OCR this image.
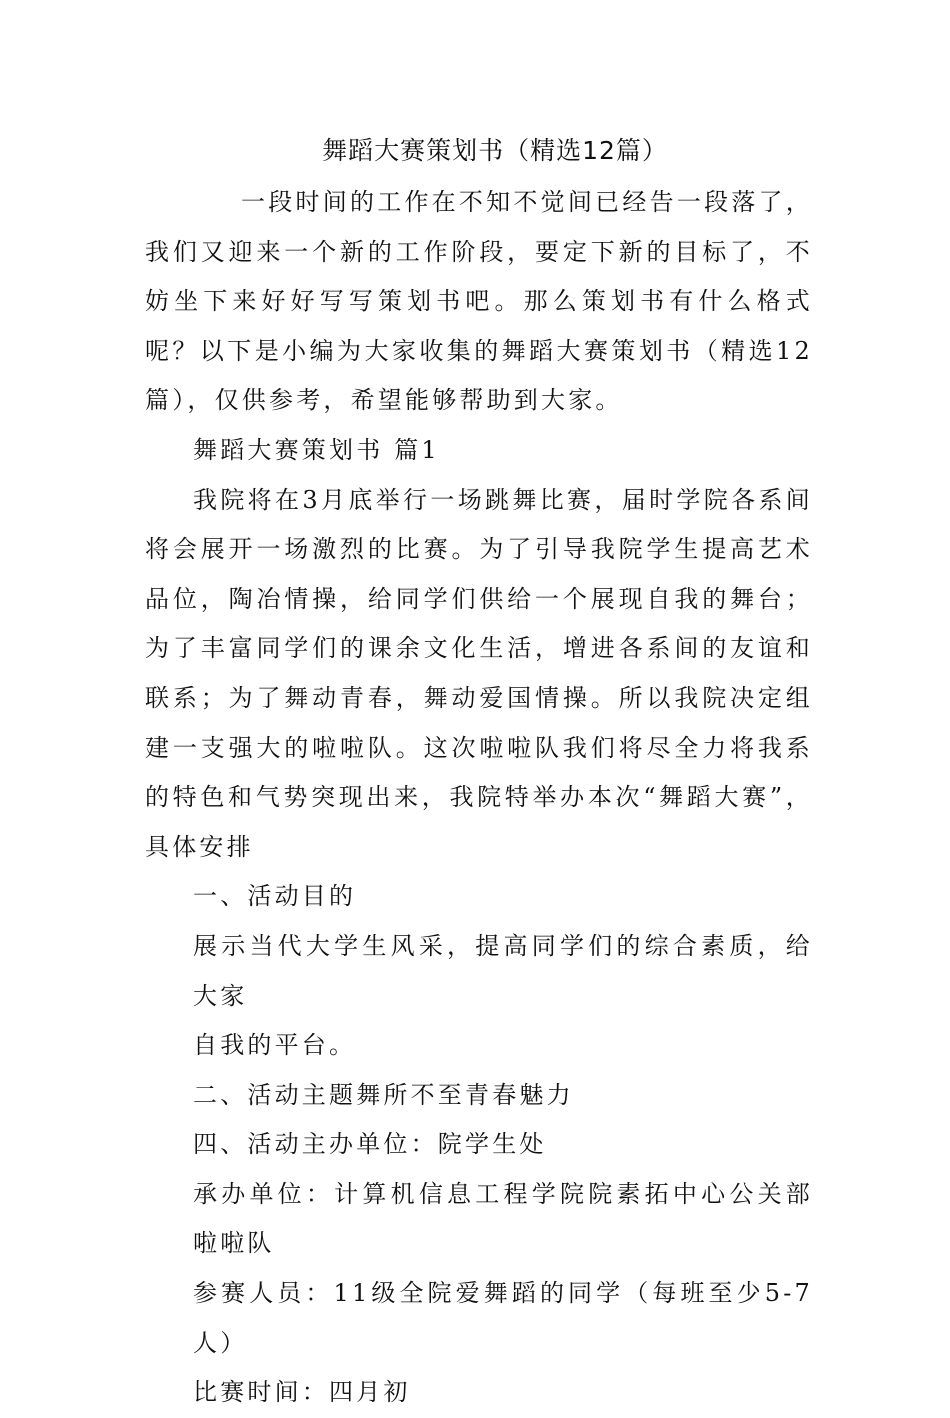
舞蹈大赛策划书（精选12篇）

一段时间的工作在不知不觉间已经告一段落了，我们又迎来一个新的工作阶段，要定下新的目标了，不妨坐下来好好写写策划书吧。那么策划书有什么格式呢？以下是小编为大家收集的舞蹈大赛策划书（精选12篇），仅供参考，希望能够帮助到大家。

舞蹈大赛策划书 篇1

我院将在3月底举行一场跳舞比赛，届时学院各系间将会展开一场激烈的比赛。为了引导我院学生提高艺术品位，陶冶情操，给同学们供给一个展现自我的舞台；为了丰富同学们的课余文化生活，增进各系间的友谊和联系；为了舞动青春，舞动爱国情操。所以我院决定组建一支强大的啦啦队。这次啦啦队我们将尽全力将我系的特色和气势突现出来，我院特举办本次“舞蹈大赛”，具体安排

一、活动目的

展示当代大学生风采，提高同学们的综合素质，给大家

自我的平台。

二、活动主题舞所不至青春魅力

四、活动主办单位：院学生处

承办单位：计算机信息工程学院院素拓中心公关部啦啦队

参赛人员：11级全院爱舞蹈的同学（每班至少5-7人）

比赛时间：四月初
